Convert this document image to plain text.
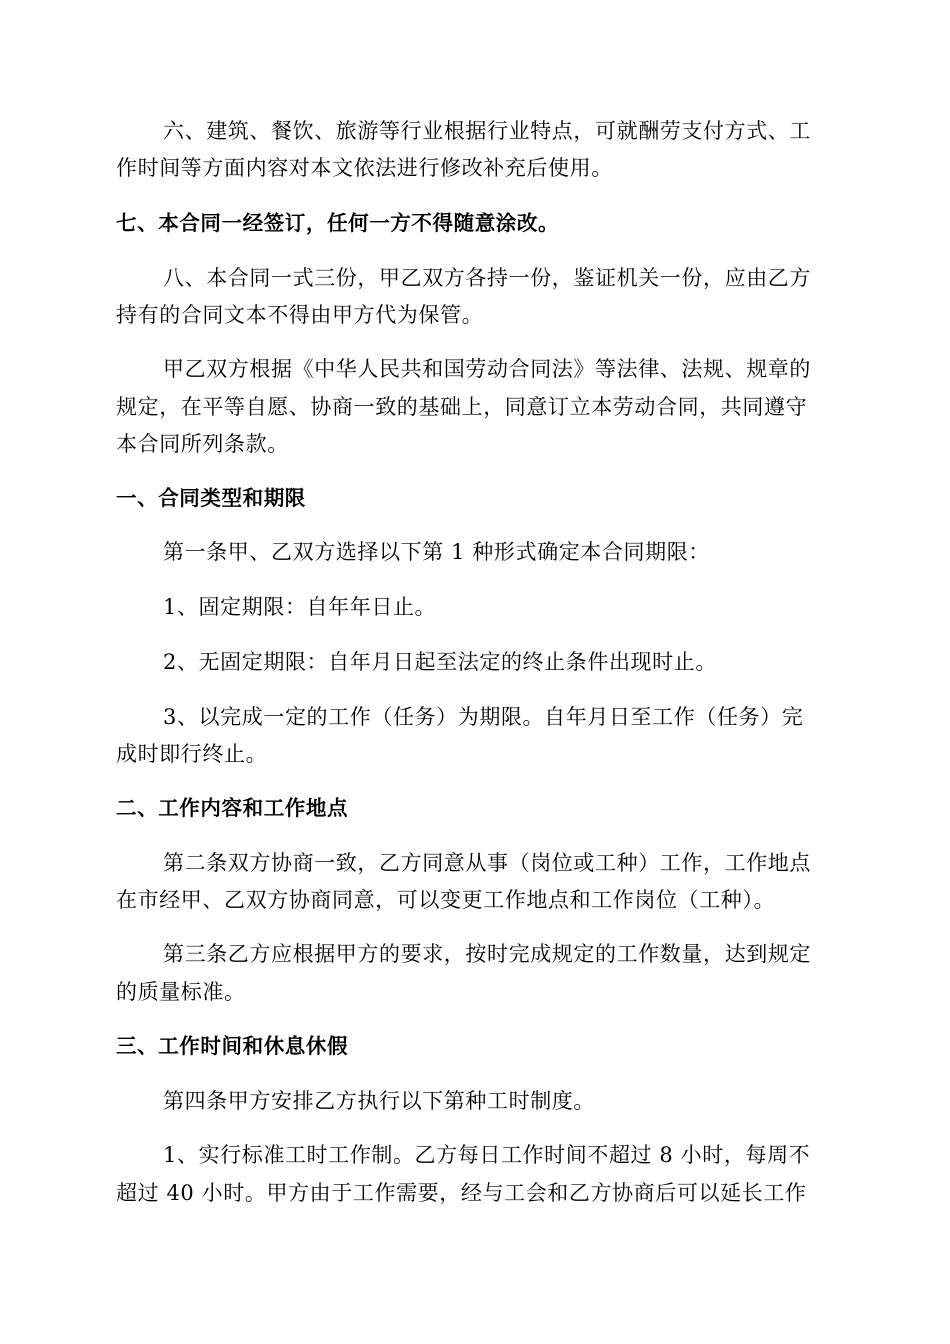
六、建筑、餐饮、旅游等行业根据行业特点，可就酬劳支付方式、工
作时间等方面内容对本文依法进行修改补充后使用。
七、本合同一经签订，任何一方不得随意涂改。
八、本合同一式三份，甲乙双方各持一份，鉴证机关一份，应由乙方
持有的合同文本不得由甲方代为保管。
甲乙双方根据《中华人民共和国劳动合同法》等法律、法规、规章的
规定，在平等自愿、协商一致的基础上，同意订立本劳动合同，共同遵守
本合同所列条款。
一、合同类型和期限
第一条甲、乙双方选择以下第 1 种形式确定本合同期限：
1、固定期限：自年年日止。
2、无固定期限：自年月日起至法定的终止条件出现时止。
3、以完成一定的工作（任务）为期限。自年月日至工作（任务）完
成时即行终止。
二、工作内容和工作地点
第二条双方协商一致，乙方同意从事（岗位或工种）工作，工作地点
在市经甲、乙双方协商同意，可以变更工作地点和工作岗位（工种）。
第三条乙方应根据甲方的要求，按时完成规定的工作数量，达到规定
的质量标准。
三、工作时间和休息休假
第四条甲方安排乙方执行以下第种工时制度。
1、实行标准工时工作制。乙方每日工作时间不超过 8 小时，每周不
超过 40 小时。甲方由于工作需要，经与工会和乙方协商后可以延长工作
